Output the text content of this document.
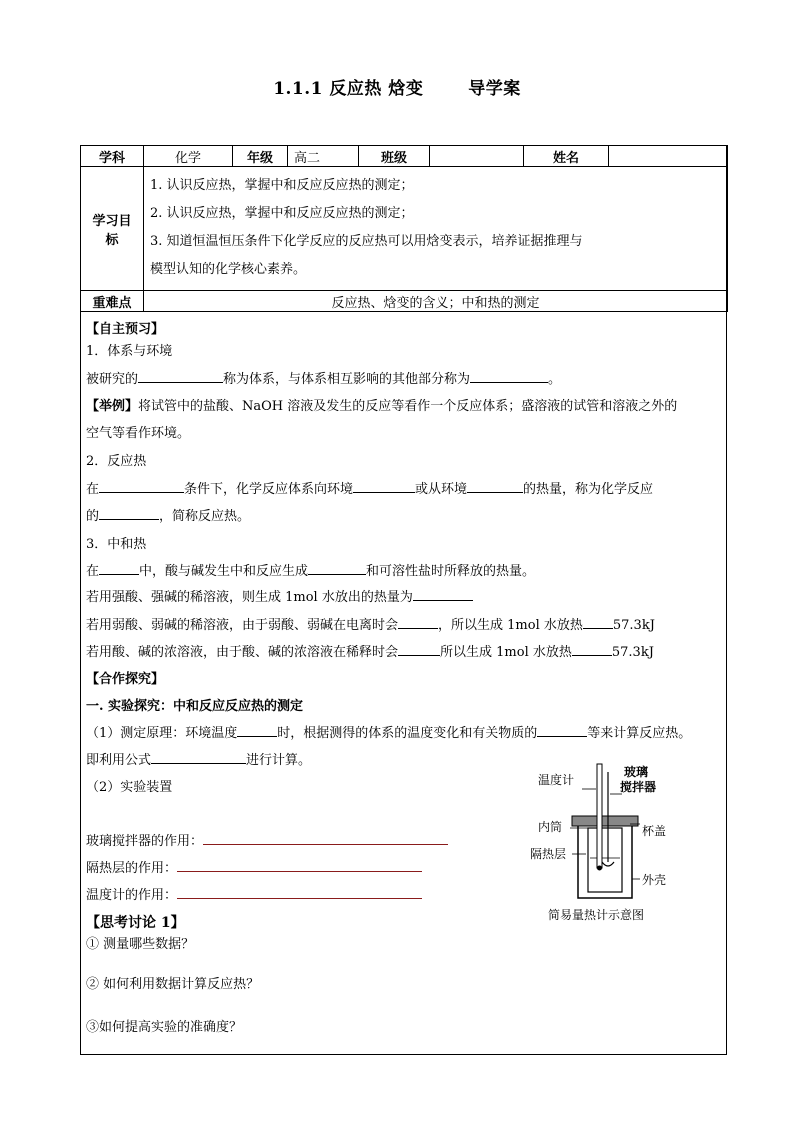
1.1.1 反应热 焓变	导学案
学科	化学	年级	高二	班级		姓名	
学习目标	1. 认识反应热，掌握中和反应反应热的测定；
2. 认识反应热，掌握中和反应反应热的测定；
3. 知道恒温恒压条件下化学反应的反应热可以用焓变表示，培养证据推理与
模型认知的化学核心素养。						

重难点	反应热、焓变的含义；中和热的测定						
【自主预习】
1．体系与环境
被研究的	称为体系，与体系相互影响的其他部分称为	。
【举例】将试管中的盐酸、NaOH 溶液及发生的反应等看作一个反应体系；盛溶液的试管和溶液之外的
空气等看作环境。
2．反应热
在	条件下，化学反应体系向环境	或从环境	的热量，称为化学反应
的	，简称反应热。
3．中和热
在	中，酸与碱发生中和反应生成	和可溶性盐时所释放的热量。
若用强酸、强碱的稀溶液，则生成 1mol 水放出的热量为
若用弱酸、弱碱的稀溶液，由于弱酸、弱碱在电离时会	，所以生成 1mol 水放热 57.3kJ
若用酸、碱的浓溶液，由于酸、碱的浓溶液在稀释时会	所以生成 1mol 水放热	57.3kJ
【合作探究】
一. 实验探究：中和反应反应热的测定
（1）测定原理：环境温度	时，根据测得的体系的温度变化和有关物质的	等来计算反应热。
即利用公式	进行计算。
（2）实验装置
玻璃搅拌器的作用：
隔热层的作用：
温度计的作用：
【思考讨论 1】
① 测量哪些数据？
② 如何利用数据计算反应热？
③如何提高实验的准确度？
温度计
玻璃
搅拌器
内筒	杯盖
隔热层
外壳
简易量热计示意图
